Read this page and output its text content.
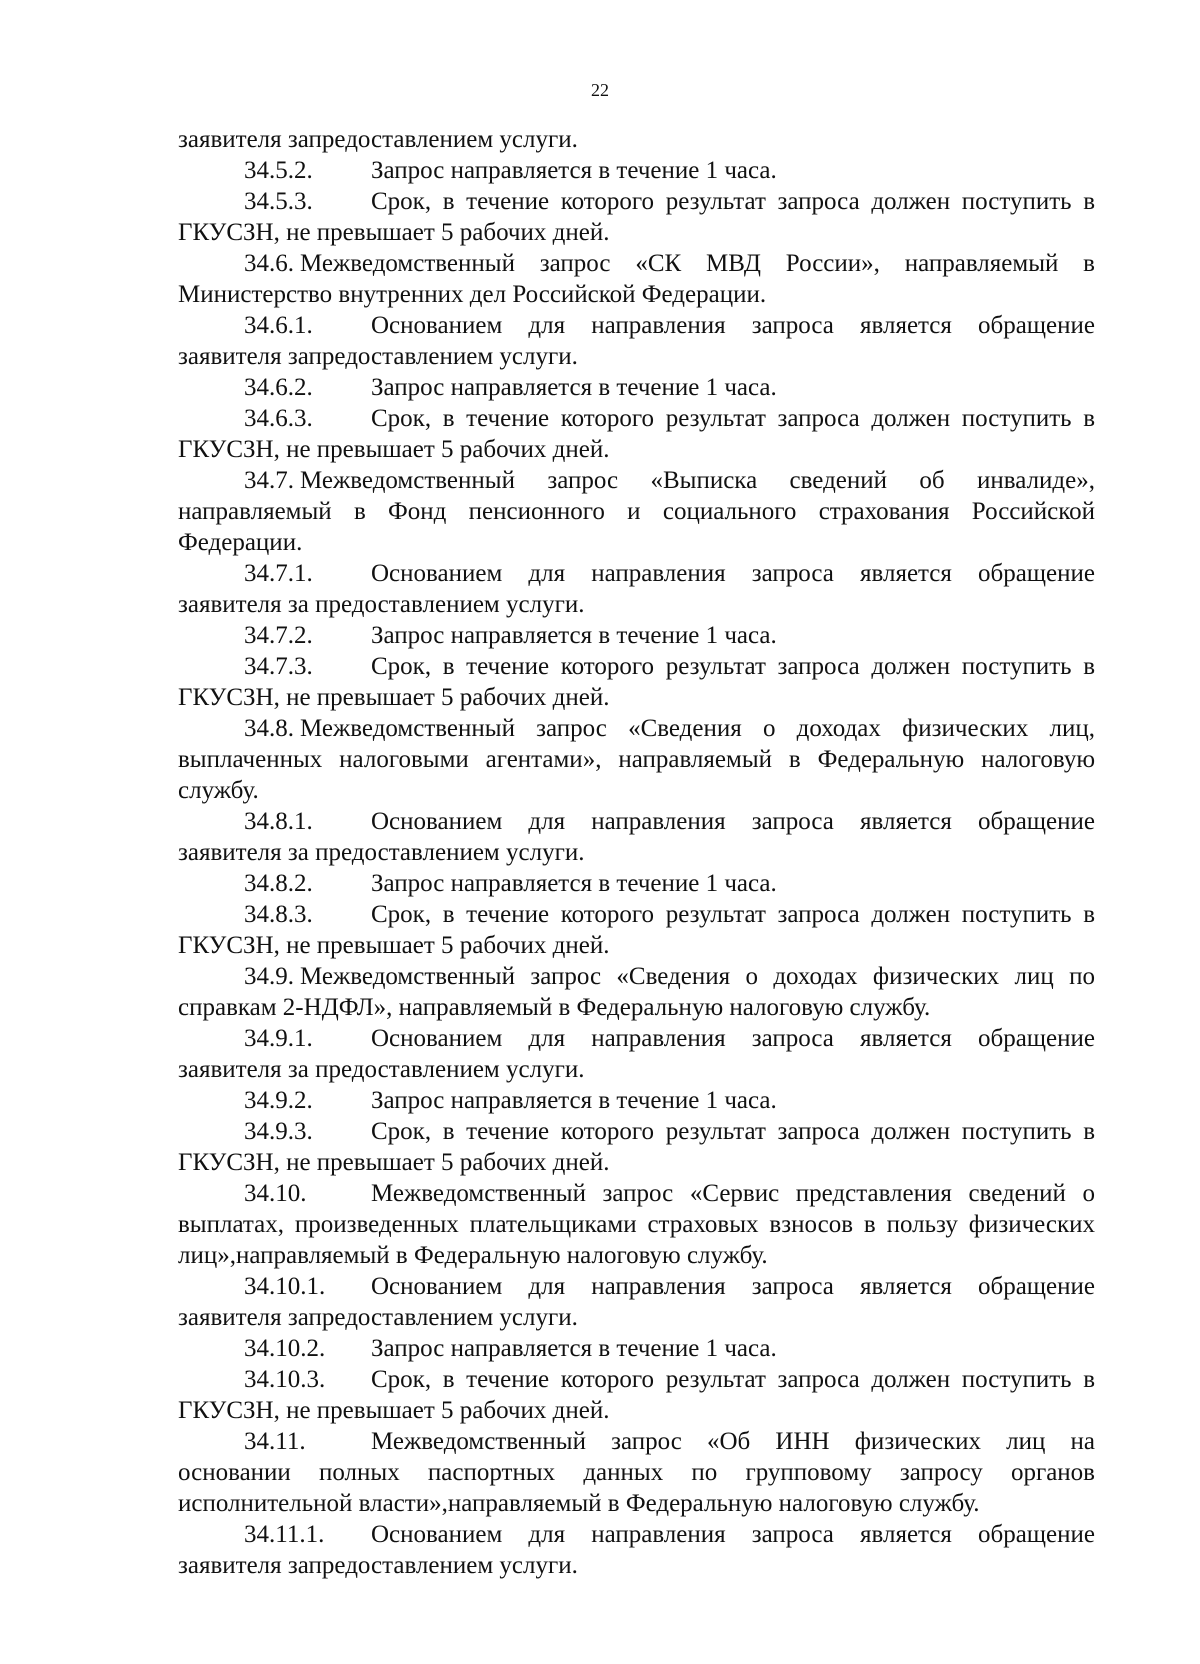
22

заявителя запредоставлением услуги.

34.5.2. Запрос направляется в течение 1 часа.

34.5.3. Срок, в течение которого результат запроса должен поступить в ГКУСЗН, не превышает 5 рабочих дней.

34.6. Межведомственный запрос «СК МВД России», направляемый в Министерство внутренних дел Российской Федерации.

34.6.1. Основанием для направления запроса является обращение заявителя запредоставлением услуги.

34.6.2. Запрос направляется в течение 1 часа.

34.6.3. Срок, в течение которого результат запроса должен поступить в ГКУСЗН, не превышает 5 рабочих дней.

34.7. Межведомственный запрос «Выписка сведений об инвалиде», направляемый в Фонд пенсионного и социального страхования Российской Федерации.

34.7.1. Основанием для направления запроса является обращение заявителя за предоставлением услуги.

34.7.2. Запрос направляется в течение 1 часа.

34.7.3. Срок, в течение которого результат запроса должен поступить в ГКУСЗН, не превышает 5 рабочих дней.

34.8. Межведомственный запрос «Сведения о доходах физических лиц, выплаченных налоговыми агентами», направляемый в Федеральную налоговую службу.

34.8.1. Основанием для направления запроса является обращение заявителя за предоставлением услуги.

34.8.2. Запрос направляется в течение 1 часа.

34.8.3. Срок, в течение которого результат запроса должен поступить в ГКУСЗН, не превышает 5 рабочих дней.

34.9. Межведомственный запрос «Сведения о доходах физических лиц по справкам 2-НДФЛ», направляемый в Федеральную налоговую службу.

34.9.1. Основанием для направления запроса является обращение заявителя за предоставлением услуги.

34.9.2. Запрос направляется в течение 1 часа.

34.9.3. Срок, в течение которого результат запроса должен поступить в ГКУСЗН, не превышает 5 рабочих дней.

34.10.	Межведомственный запрос «Сервис представления сведений о выплатах, произведенных плательщиками страховых взносов в пользу физических лиц»,направляемый в Федеральную налоговую службу.

34.10.1. Основанием для направления запроса является обращение заявителя запредоставлением услуги.

34.10.2. Запрос направляется в течение 1 часа.

34.10.3. Срок, в течение которого результат запроса должен поступить в ГКУСЗН, не превышает 5 рабочих дней.

34.11.	Межведомственный запрос «Об ИНН физических лиц на основании полных паспортных данных по групповому запросу органов исполнительной власти»,направляемый в Федеральную налоговую службу.

34.11.1. Основанием для направления запроса является обращение заявителя запредоставлением услуги.
